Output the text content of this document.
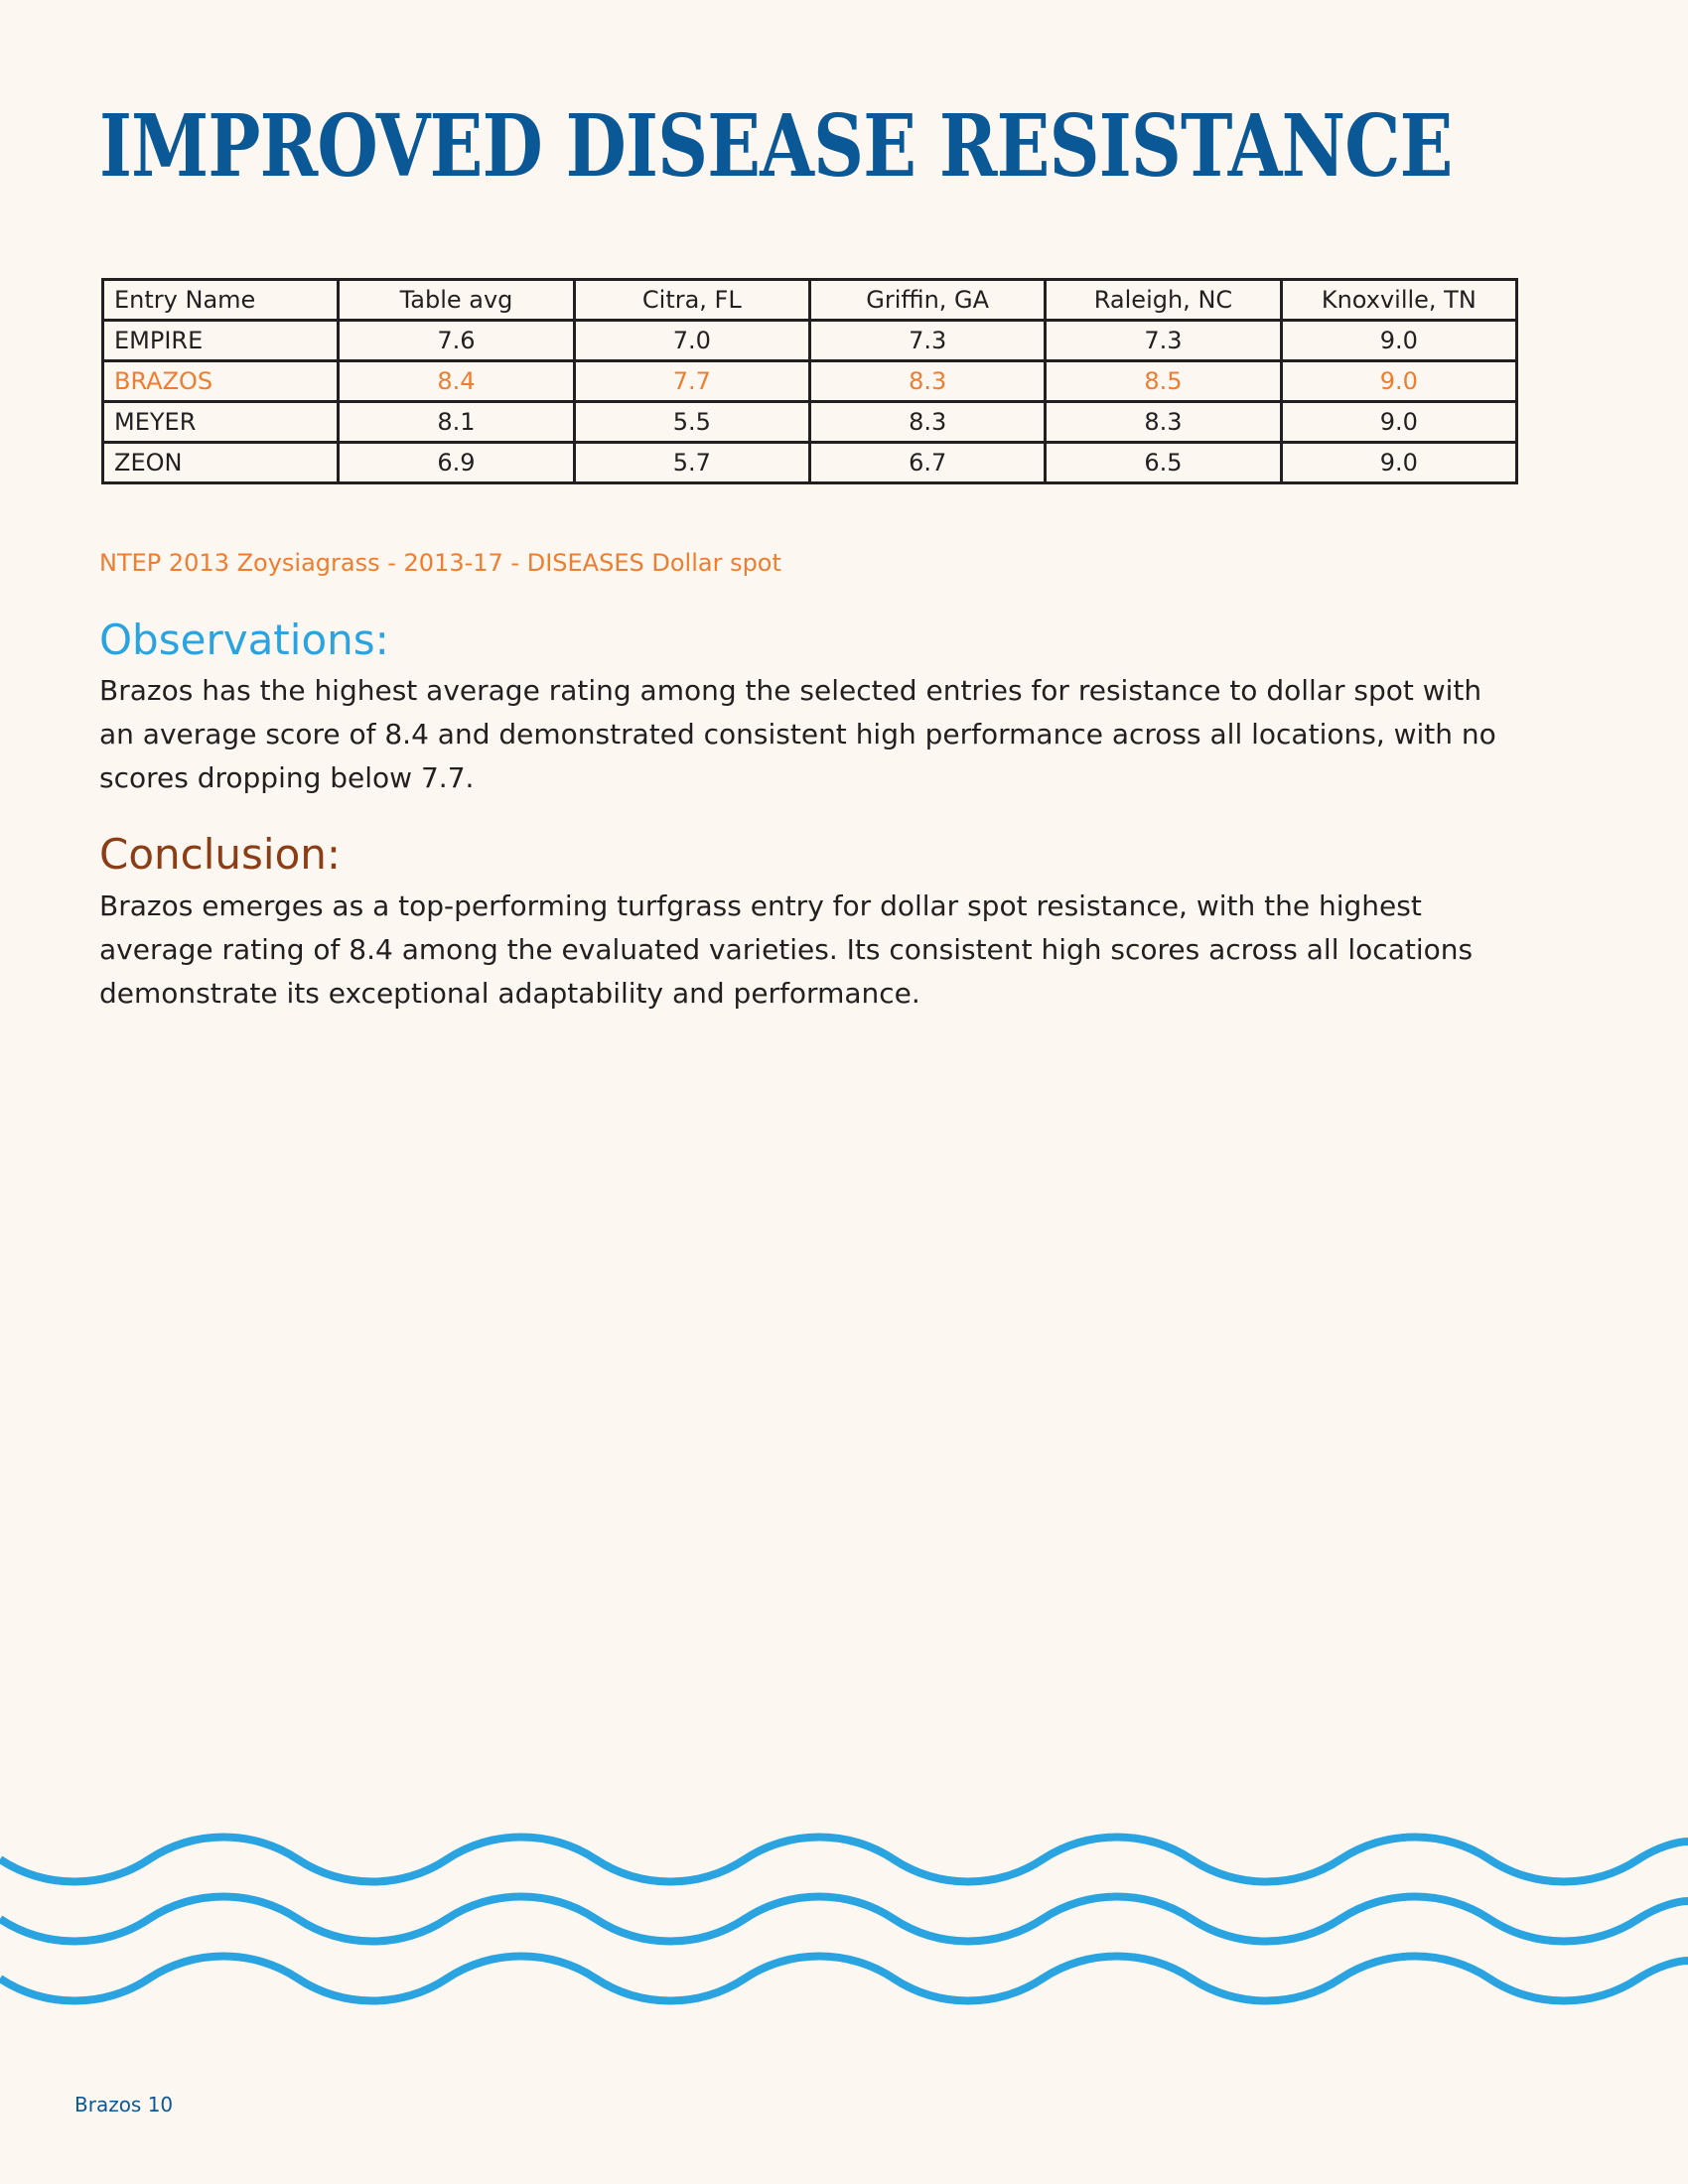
IMPROVED DISEASE RESISTANCE
Entry Name	Table avg	Citra, FL	Griffin, GA	Raleigh, NC	Knoxville, TN
EMPIRE	7.6	7.0	7.3	7.3	9.0
BRAZOS	8.4	7.7	8.3	8.5	9.0
MEYER	8.1	5.5	8.3	8.3	9.0
ZEON	6.9	5.7	6.7	6.5	9.0

NTEP 2013 Zoysiagrass - 2013-17 - DISEASES Dollar spot

Observations:

Brazos has the highest average rating among the selected entries for resistance to dollar spot with an average score of 8.4 and demonstrated consistent high performance across all locations, with no scores dropping below 7.7.

Conclusion:

Brazos emerges as a top-performing turfgrass entry for dollar spot resistance, with the highest average rating of 8.4 among the evaluated varieties. Its consistent high scores across all locations demonstrate its exceptional adaptability and performance.

Brazos 10
